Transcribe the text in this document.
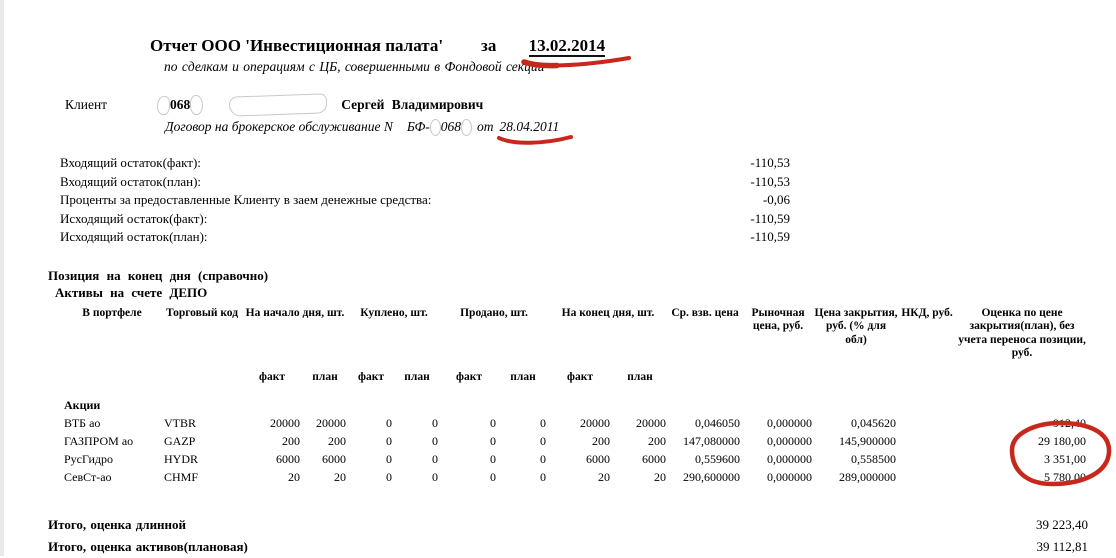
Отчет ООО 'Инвестиционная палата' за 13.02.2014
по сделкам и операциям с ЦБ, совершенными в Фондовой секции
Клиент	068	Сергей Владимирович
Договор на брокерское обслуживание N БФ- 068 от 28.04.2011
Входящий остаток(факт):	-110,53
Входящий остаток(план):	-110,53
Проценты за предоставленные Клиенту в заем денежные средства:	-0,06
Исходящий остаток(факт):	-110,59
Исходящий остаток(план):	-110,59
Позиция на конец дня (справочно)
Активы на счете ДЕПО
В портфеле	Торговый код	На начало дня, шт.		Куплено, шт.		Продано, шт.		На конец дня, шт.		Ср. взв. цена	Рыночная цена, руб.	Цена закрытия, руб. (% для обл)	НКД, руб.	Оценка по цене закрытия(план), без учета переноса позиции, руб.
		факт	план	факт	план	факт	план	факт	план					
Акции														
ВТБ ао	VTBR	20000	20000	0	0	0	0	20000	20000	0,046050	0,000000	0,045620		912,40
ГАЗПРОМ ао	GAZP	200	200	0	0	0	0	200	200	147,080000	0,000000	145,900000		29 180,00
РусГидро	HYDR	6000	6000	0	0	0	0	6000	6000	0,559600	0,000000	0,558500		3 351,00
СевСт-ао	CHMF	20	20	0	0	0	0	20	20	290,600000	0,000000	289,000000		5 780,00
Итого, оценка длинной	39 223,40
Итого, оценка активов(плановая)	39 112,81
